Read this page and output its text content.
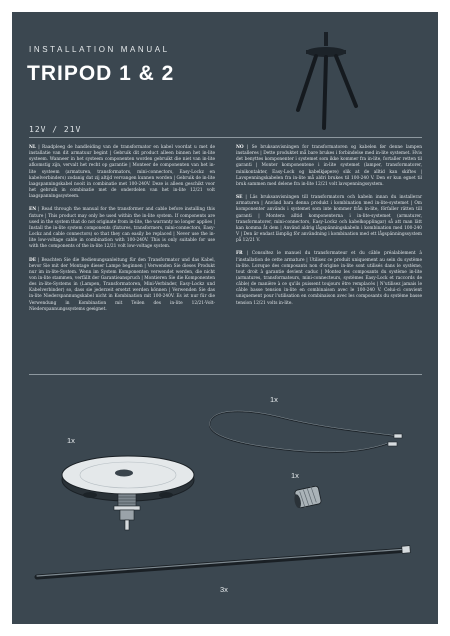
INSTALLATION MANUAL
TRIPOD 1 & 2
12V / 21V

NL | Raadpleeg de handleiding van de transformator en kabel voordat u met de installatie van dit armatuur begint | Gebruik dit product alleen binnen het in-lite systeem. Wanneer in het systeem componenten worden gebruikt die niet van in-lite afkomstig zijn, vervalt het recht op garantie | Monteer de componenten van het in-lite systeem (armaturen, transformators, mini-connectors, Easy-Lockz en kabelverbinders) zodanig dat zij altijd vervangen kunnen worden | Gebruik de in-lite laagspanningskabel nooit in combinatie met 100-240V. Deze is alleen geschikt voor het gebruik in combinatie met de onderdelen van het in-lite 12/21 volt laagspanningssysteem.

EN | Read through the manual for the transformer and cable before installing this fixture | This product may only be used within the in-lite system. If components are used in the system that do not originate from in-lite, the warranty no longer applies | Install the in-lite system components (fixtures, transformers, mini-connectors, Easy-Lockz and cable connectors) so that they can easily be replaced | Never use the in-lite low-voltage cable in combination with 100-240V. This is only suitable for use with the components of the in-lite 12/21 volt low-voltage system.

DE | Beachten Sie die Bedienungsanleitung für den Transformator und das Kabel, bevor Sie mit der Montage dieser Lampe beginnen | Verwenden Sie dieses Produkt nur im in-lite-System. Wenn im System Komponenten verwendet werden, die nicht von in-lite stammen, verfällt der Garantieanspruch | Montieren Sie die Komponenten des in-lite-Systems in (Lampen, Transformatoren, Mini-Verbinder, Easy-Lockz und Kabelverbinder) so, dass sie jederzeit ersetzt werden können | Verwenden Sie das in-lite Niederspannungskabel nicht in Kombination mit 100-240V. Es ist nur für die Verwendung in Kombination mit Teilen des in-lite 12/21-Volt-Niederspannungssystems geeignet.

NO | Se bruksanvisningen for transformatoren og kabelen før denne lampen installeres | Dette produktet må bare brukes i forbindelse med in-lite systemet. Hvis det benyttes komponenter i systemet som ikke kommer fra in-lite, fortaller retten til garanti | Monter komponentene i in-lite systemet (lamper, transformatorer, minikontakter, Easy-Lock og kabelkjøpere) slik at de alltid kan skiftes | Lavspenningskabelen fra in-lite må aldri brukes til 100-240 V. Den er kun egnet til bruk sammen med delene fra in-lite 12/21 volt lavspenningssystem.

SE | Läs bruksanvisningen till transformatorn och kabeln innan du installerar armaturen | Använd bara denna produkt i kombination med in-lite-systemet | Om komponenter används i systemet som inte kommer från in-lite, förfaller rätten till garanti | Montera alltid komponenterna i in-lite-systemet (armaturer, transformatorer, mini-connectors, Easy-Lockz och kabelkopplingar) så att man lätt kan komma åt dem | Använd aldrig lågspänningskabeln i kombination med 100-240 V | Den är endast lämplig för användning i kombination med ett lågspänningssystem på 12/21 V.

FR | Consultez le manuel du transformateur et du câble préalablement à l'installation de cette armature | Utilisez ce produit uniquement au sein du système in-lite. Lorsque des composants non d'origine in-lite sont utilisés dans le système, tout droit à garantie devient caduc | Montez les composants du système in-lite (armatures, transformateurs, mini-connecteurs, systèmes Easy-Lock et raccords de câble) de manière à ce qu'ils puissent toujours être remplacés | N'utilisez jamais le câble basse tension in-lite en combinaison avec le 100-240 V. Celui-ci convient uniquement pour l'utilisation en combinaison avec les composants du système basse tension 12/21 volts in-lite.

1x
1x
1x
3x
